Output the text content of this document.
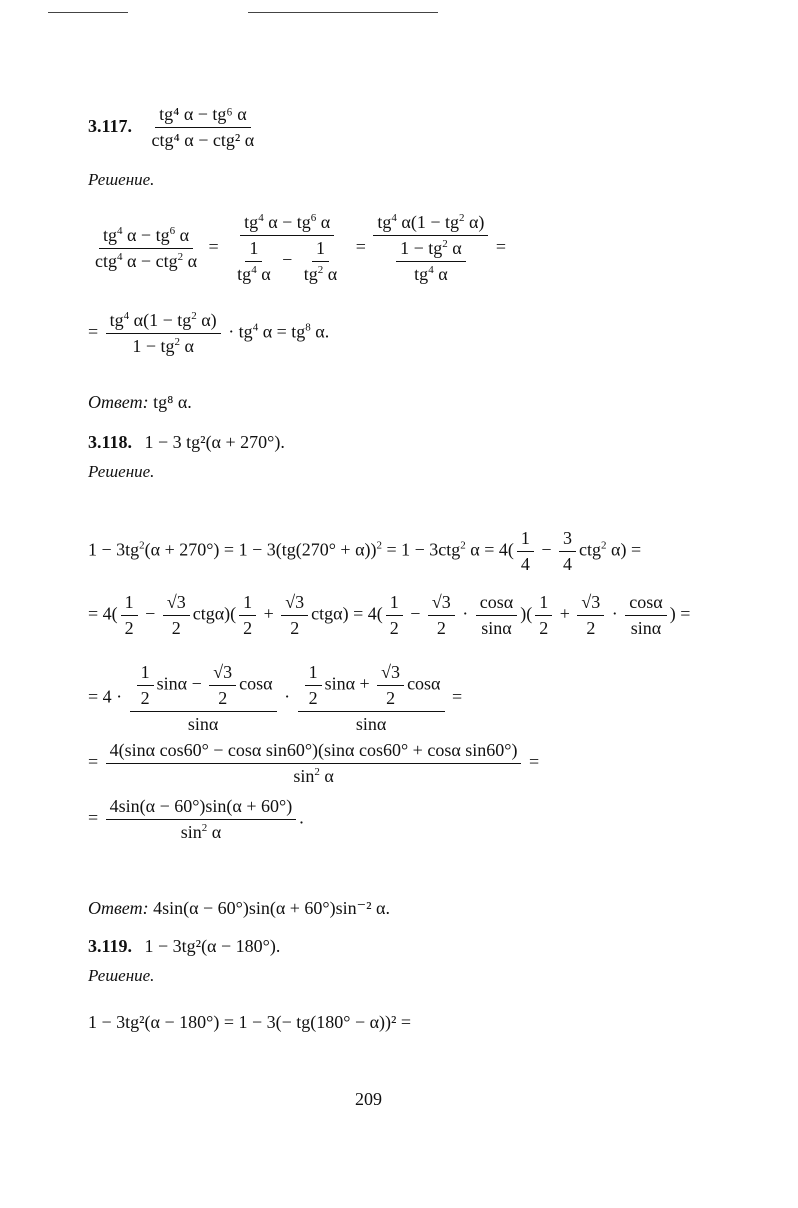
3.117. $\frac{\text{tg⁴ α − tg⁶ α}}{\text{ctg⁴ α − ctg² α}}$
Решение.
$\frac{tg^4 \alpha - tg^6 \alpha}{ctg^4 \alpha - ctg^2 \alpha} = \frac{tg^4 \alpha - tg^6 \alpha}{\frac{1}{tg^4 \alpha} - \frac{1}{tg^2 \alpha}} = \frac{tg^4 \alpha(1 - tg^2 \alpha)}{\frac{1 - tg^2 \alpha}{tg^4 \alpha}}$ =
= $\frac{tg^4 \alpha(1 - tg^2 \alpha)}{1 - tg^2 \alpha} \cdot tg^4$ $\alpha = tg^8$ α.
Ответ: tg⁸ α.
3.118. 1 − 3 tg²(α + 270°).
Решение.
$1 - 3tg^2(\alpha + 270^\circ) = 1 - 3(tg(270^\circ + \alpha))^2 = 1 - 3ctg^2$ $\alpha = 4( \frac{1}{4} - \frac{3}{4} ctg^2$ α) =
= $4( \frac{1}{2} - \frac{√3}{2} ctg\alpha)( \frac{1}{2} + \frac{√3}{2} ctg\alpha) = 4( \frac{1}{2} - \frac{√3}{2} \cdot \frac{\cos\alpha}{\sin\alpha}$ )( $\frac{1}{2} + \frac{√3}{2} \cdot \frac{\cos\alpha}{\sin\alpha}$ ) =
= $4 \cdot \frac{\frac{1}{2} \sin\alpha - \frac{√3}{2} \cos\alpha}{\sin\alpha} \cdot \frac{\frac{1}{2} \sin\alpha + \frac{√3}{2} \cos\alpha}{\sin\alpha}$ =
= $\frac{\text{4(sinα cos60° − cosα sin60°)(sinα cos60° + cosα sin60°)}}{\sin^2 \alpha}$ =
= $\frac{4\sin(\alpha - 60^\circ)\sin(\alpha + 60^\circ)}{\sin^2 \alpha}$ .
Ответ: 4sin(α − 60°)sin(α + 60°)sin⁻² α.
3.119. 1 − 3tg²(α − 180°).
Решение.
1 − 3tg²(α − 180°) = 1 − 3(− tg(180° − α))² =
209
